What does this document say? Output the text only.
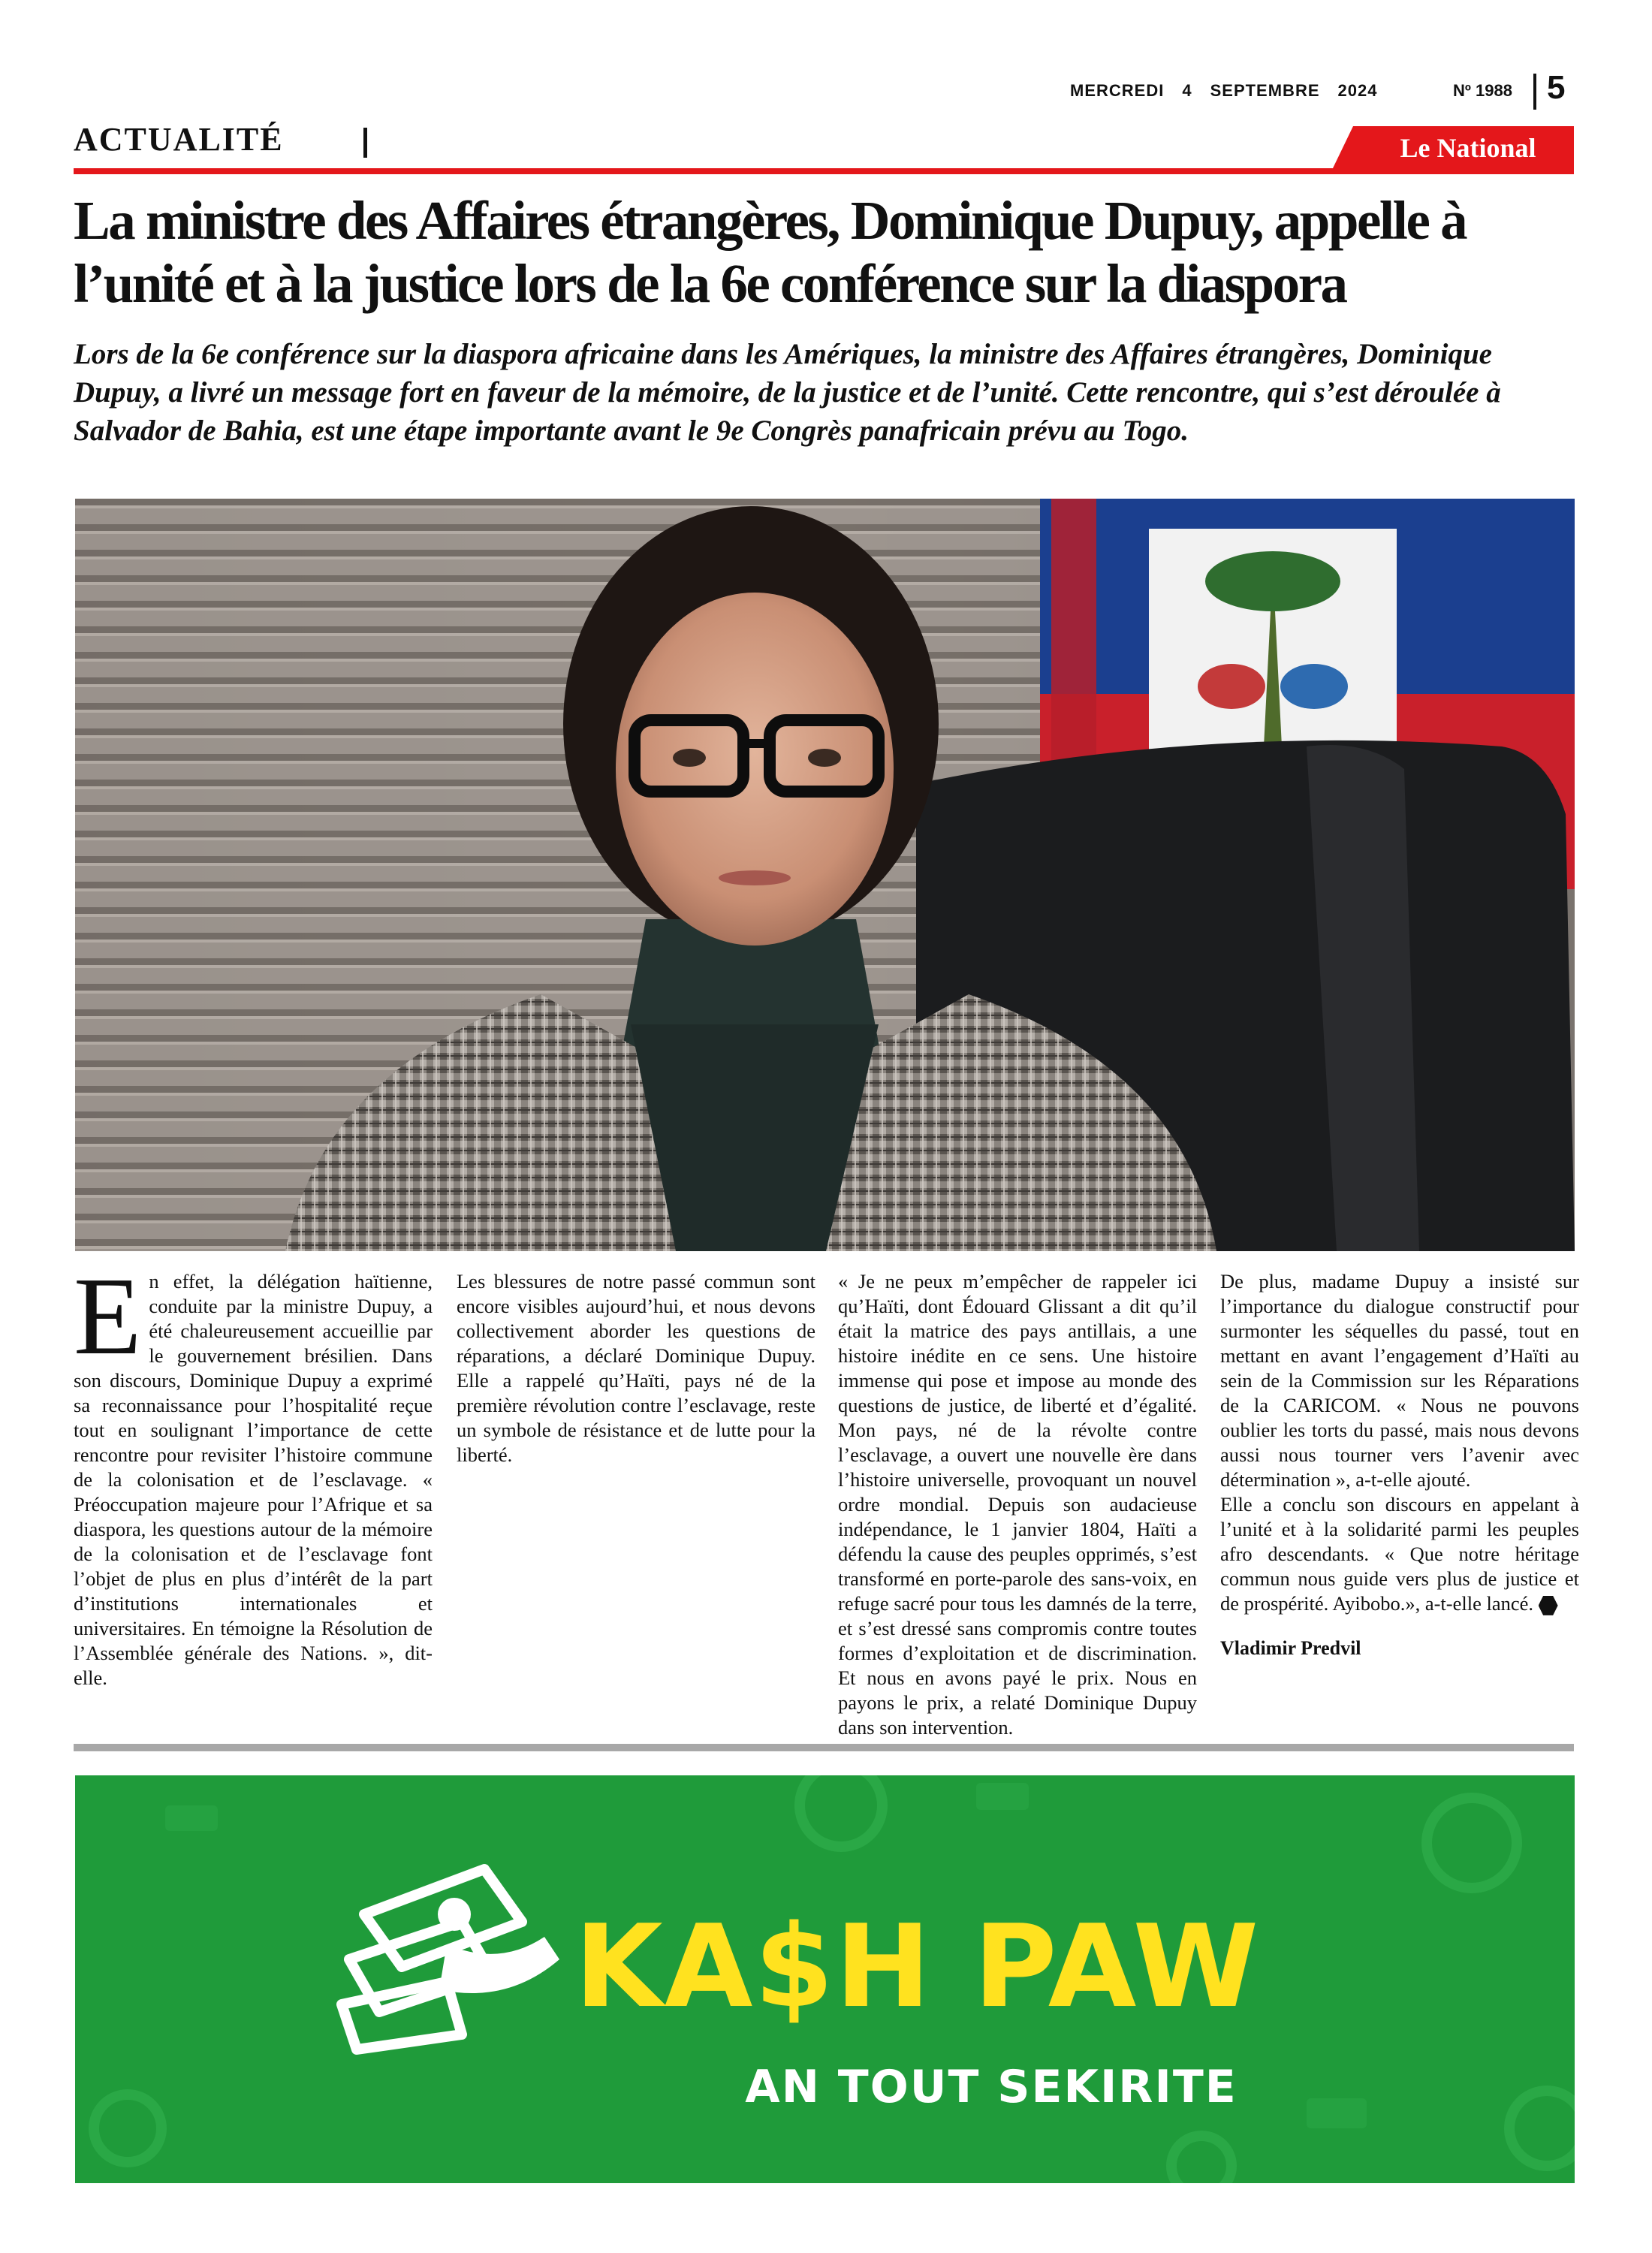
MERCREDI 4 SEPTEMBRE 2024	Nº 1988 5
ACTUALITÉ	Le National
La ministre des Affaires étrangères, Dominique Dupuy, appelle à l’unité et à la justice lors de la 6e conférence sur la diaspora

Lors de la 6e conférence sur la diaspora africaine dans les Amériques, la ministre des Affaires étrangères, Dominique Dupuy, a livré un message fort en faveur de la mémoire, de la justice et de l’unité. Cette rencontre, qui s’est déroulée à Salvador de Bahia, est une étape importante avant le 9e Congrès panafricain prévu au Togo.

E n effet, la délégation haïtienne, conduite par la ministre Dupuy, a été chaleureusement accueillie par le gouvernement brésilien. Dans son discours, Dominique Dupuy a exprimé sa reconnaissance pour l’hospitalité reçue tout en soulignant l’importance de cette rencontre pour revisiter l’histoire commune de la colonisation et de l’esclavage. « Préoccupation majeure pour l’Afrique et sa diaspora, les questions autour de la mémoire de la colonisation et de l’esclavage font l’objet de plus en plus d’intérêt de la part d’institutions internationales et universitaires. En témoigne la Résolution de l’Assemblée générale des Nations. », dit-elle.

Les blessures de notre passé commun sont encore visibles aujourd’hui, et nous devons collectivement aborder les questions de réparations, a déclaré Dominique Dupuy. Elle a rappelé qu’Haïti, pays né de la première révolution contre l’esclavage, reste un symbole de résistance et de lutte pour la liberté.

« Je ne peux m’empêcher de rappeler ici qu’Haïti, dont Édouard Glissant a dit qu’il était la matrice des pays antillais, a une histoire inédite en ce sens. Une histoire immense qui pose et impose au monde des questions de justice, de liberté et d’égalité. Mon pays, né de la révolte contre l’esclavage, a ouvert une nouvelle ère dans l’histoire universelle, provoquant un nouvel ordre mondial. Depuis son audacieuse indépendance, le 1 janvier 1804, Haïti a défendu la cause des peuples opprimés, s’est transformé en porte-parole des sans-voix, en refuge sacré pour tous les damnés de la terre, et s’est dressé sans compromis contre toutes formes d’exploitation et de discrimination. Et nous en avons payé le prix. Nous en payons le prix, a relaté Dominique Dupuy dans son intervention.

De plus, madame Dupuy a insisté sur l’importance du dialogue constructif pour surmonter les séquelles du passé, tout en mettant en avant l’engagement d’Haïti au sein de la Commission sur les Réparations de la CARICOM. « Nous ne pouvons oublier les torts du passé, mais nous devons aussi nous tourner vers l’avenir avec détermination », a-t-elle ajouté.

Elle a conclu son discours en appelant à l’unité et à la solidarité parmi les peuples afro descendants. « Que notre héritage commun nous guide vers plus de justice et de prospérité. Ayibobo.», a-t-elle lancé.

Vladimir Predvil

KA$H PAW
AN TOUT SEKIRITE
